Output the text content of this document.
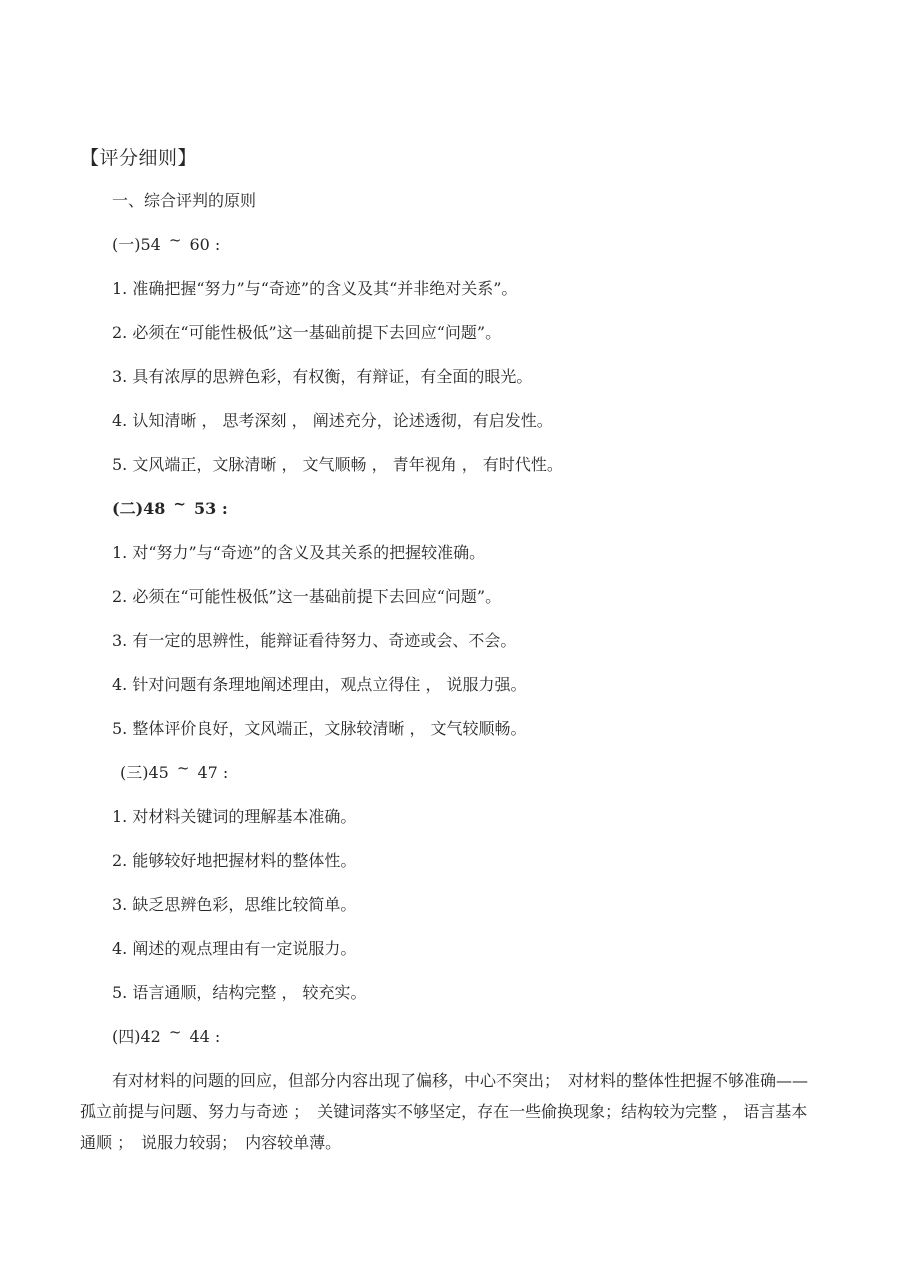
【评分细则】
一、综合评判的原则
(一)54 ~ 60 :
1. 准确把握“努力”与“奇迹”的含义及其“并非绝对关系”。
2. 必须在“可能性极低”这一基础前提下去回应“问题”。
3. 具有浓厚的思辨色彩，有权衡，有辩证，有全面的眼光。
4. 认知清晰 ， 思考深刻 ， 阐述充分，论述透彻，有启发性。
5. 文风端正，文脉清晰 ， 文气顺畅 ， 青年视角 ， 有时代性。
(二)48 ~ 53 :
1. 对“努力”与“奇迹”的含义及其关系的把握较准确。
2. 必须在“可能性极低”这一基础前提下去回应“问题”。
3. 有一定的思辨性，能辩证看待努力、奇迹或会、不会。
4. 针对问题有条理地阐述理由，观点立得住 ， 说服力强。
5. 整体评价良好，文风端正，文脉较清晰 ， 文气较顺畅。
(三)45 ~ 47 :
1. 对材料关键词的理解基本准确。
2. 能够较好地把握材料的整体性。
3. 缺乏思辨色彩，思维比较简单。
4. 阐述的观点理由有一定说服力。
5. 语言通顺，结构完整 ， 较充实。
(四)42 ~ 44 :
有对材料的问题的回应，但部分内容出现了偏移，中心不突出；　对材料的整体性把握不够准确——
孤立前提与问题、努力与奇迹 ；　关键词落实不够坚定，存在一些偷换现象；结构较为完整 ， 语言基本
通顺 ；　说服力较弱；　内容较单薄。
